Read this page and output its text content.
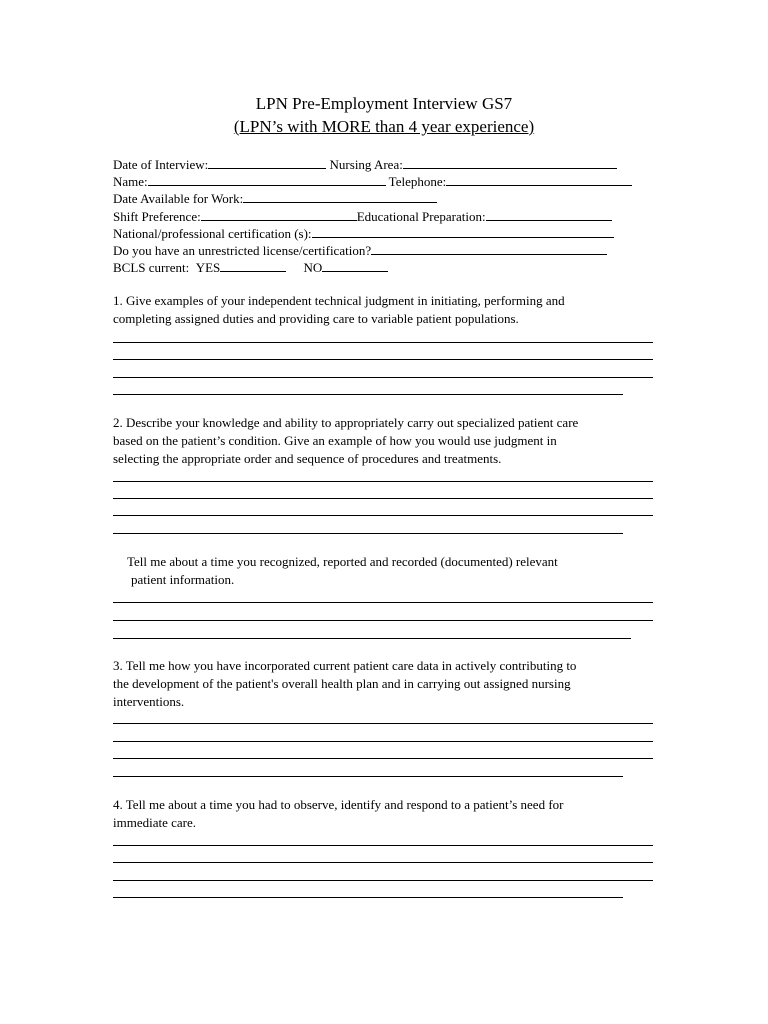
LPN Pre-Employment Interview GS7
(LPN’s with MORE than 4 year experience)
Date of Interview:	Nursing Area:
Name:	Telephone:
Date Available for Work:
Shift Preference:	Educational Preparation:
National/professional certification (s):
Do you have an unrestricted license/certification?
BCLS current: YES	NO
1. Give examples of your independent technical judgment in initiating, performing and
completing assigned duties and providing care to variable patient populations.
2. Describe your knowledge and ability to appropriately carry out specialized patient care
based on the patient’s condition. Give an example of how you would use judgment in
selecting the appropriate order and sequence of procedures and treatments.
Tell me about a time you recognized, reported and recorded (documented) relevant
patient information.
3. Tell me how you have incorporated current patient care data in actively contributing to
the development of the patient's overall health plan and in carrying out assigned nursing
interventions.
4. Tell me about a time you had to observe, identify and respond to a patient’s need for
immediate care.
